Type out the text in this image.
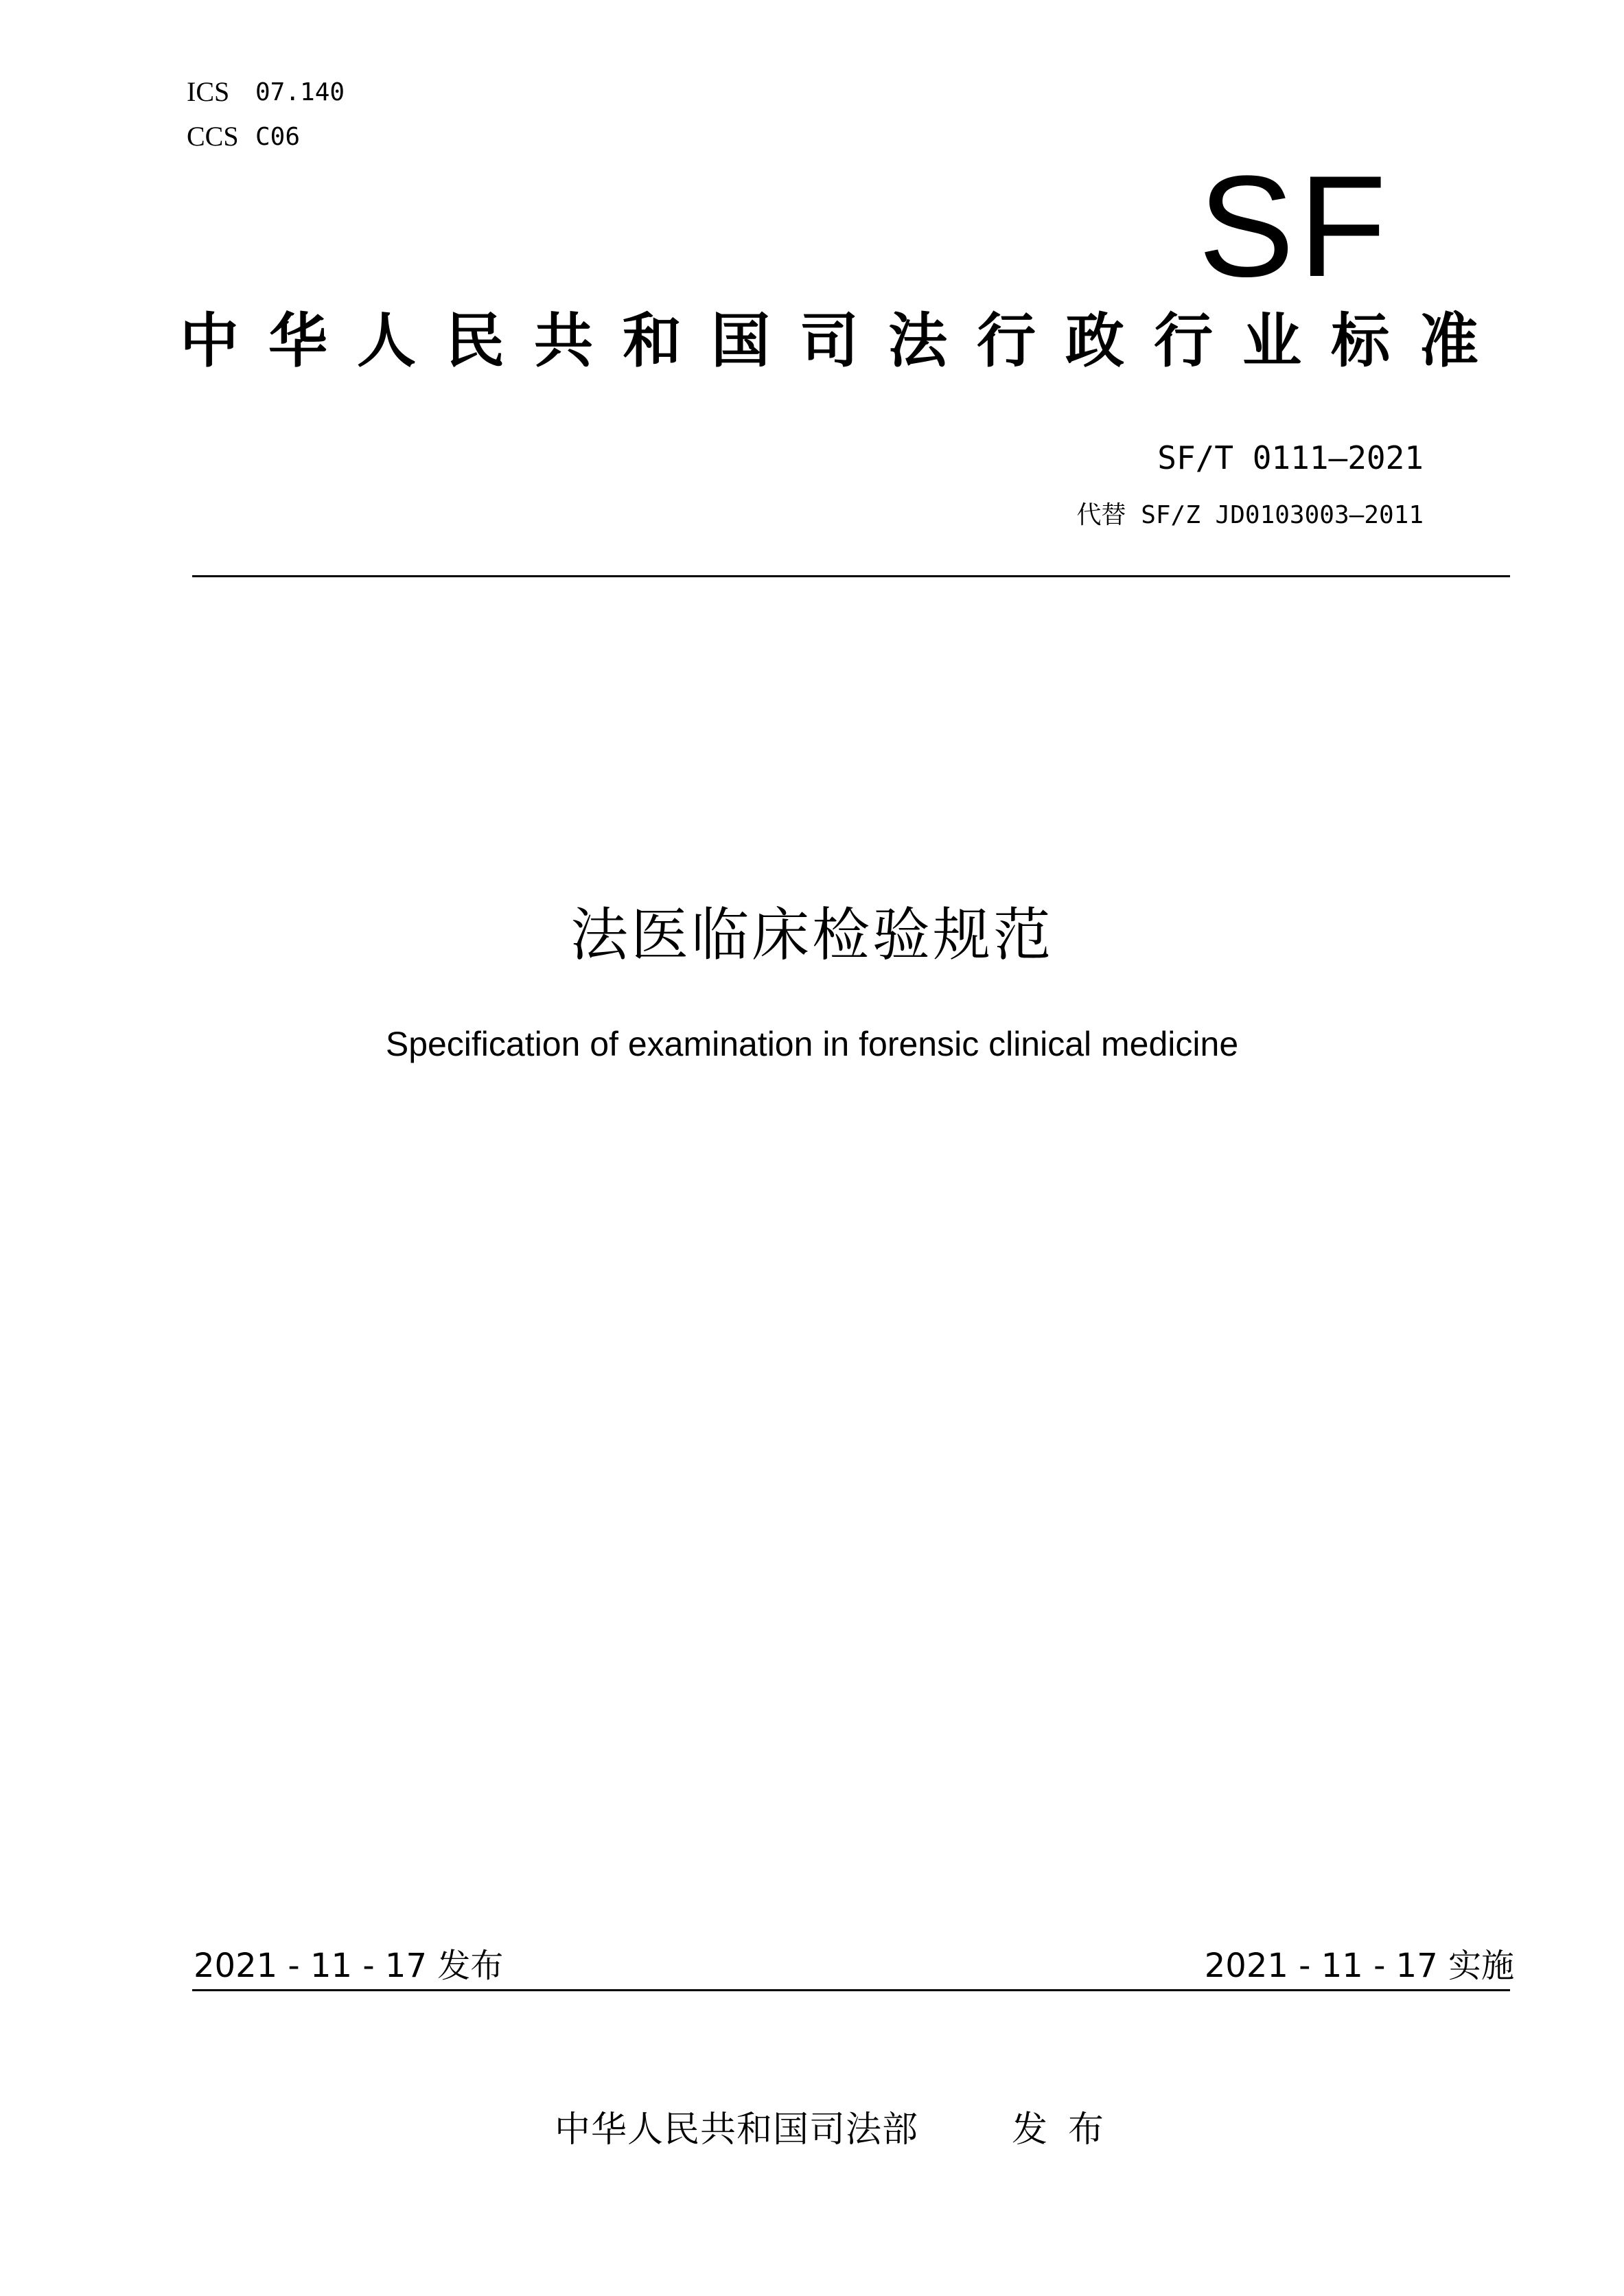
ICS 07.140
CCS C06
SF
中华人民共和国司法行政行业标准
SF/T 0111—2021
代替 SF/Z JD0103003—2011
法医临床检验规范
Specification of examination in forensic clinical medicine
2021 - 11 - 17 发布	2021 - 11 - 17 实施
中华人民共和国司法部	发布
